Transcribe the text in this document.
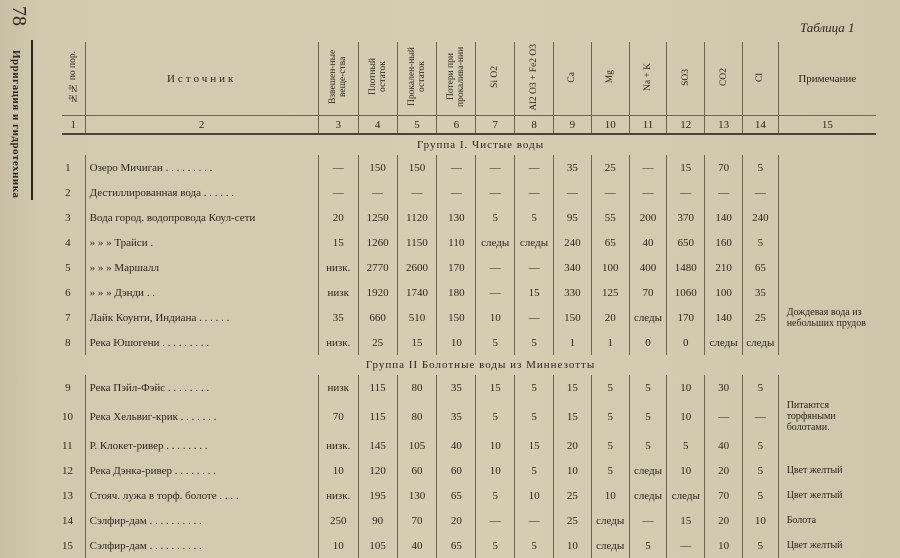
78
Ирригация и гидротехника
Таблица 1
№№ по пор.	Источник	Взвешен-ные веще-ства	Плотный остаток	Прокален-ный остаток	Потери при прокалива-нии	Si O2	Al2 O3 + Fe2 O3	Ca	Mg	Na + K	SO3	CO2	Cl	Примечание
1	2	3	4	5	6	7	8	9	10	11	12	13	14	15
	Группа I. Чистые воды													
1	Озеро Мичиган . . . . . . . . .	—	150	150	—	—	—	35	25	—	15	70	5	
2	Дестиллированная вода . . . . . .	—	—	—	—	—	—	—	—	—	—	—	—	
3	Вода город. водопровода Коул-сети	20	1250	1120	130	5	5	95	55	200	370	140	240	
4	» » » Трайси .	15	1260	1150	110	следы	следы	240	65	40	650	160	5	
5	» » » Маршалл	низк.	2770	2600	170	—	—	340	100	400	1480	210	65	
6	» » » Дэнди . .	низк	1920	1740	180	—	15	330	125	70	1060	100	35	
7	Лайк Коунти, Индиана . . . . . .	35	660	510	150	10	—	150	20	следы	170	140	25	Дождевая вода из небольших прудов
8	Река Юшогени . . . . . . . . .	низк.	25	15	10	5	5	1	1	0	0	следы	следы	
	Группа II Болотные воды из Миннезотты													
9	Река Пэйл-Фэйс . . . . . . . .	низк	115	80	35	15	5	15	5	5	10	30	5	
10	Река Хельвиг-крик . . . . . . .	70	115	80	35	5	5	15	5	5	10	—	—	Питаются торфяными болотами.
11	Р. Клокет-ривер . . . . . . . .	низк.	145	105	40	10	15	20	5	5	5	40	5	
12	Река Дэнка-ривер . . . . . . . .	10	120	60	60	10	5	10	5	следы	10	20	5	Цвет желтый
13	Стояч. лужа в торф. болоте . . . .	низк.	195	130	65	5	10	25	10	следы	следы	70	5	Цвет желтый
14	Сэлфир-дам . . . . . . . . . .	250	90	70	20	—	—	25	следы	—	15	20	10	Болота
15	Сэлфир-дам . . . . . . . . . .	10	105	40	65	5	5	10	следы	5	—	10	5	Цвет желтый
